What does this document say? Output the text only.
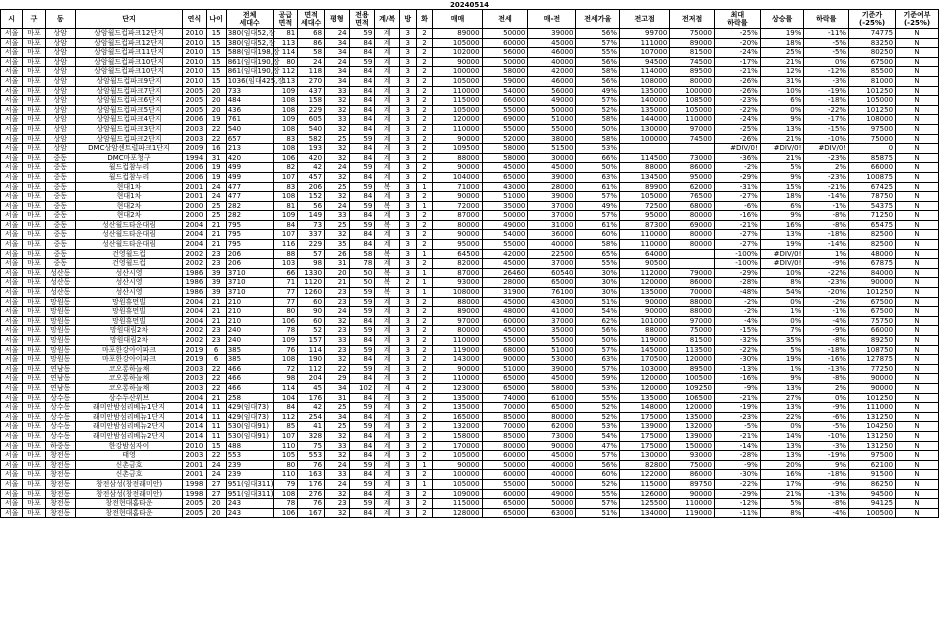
20240514																								
시	구	동	단지	연식	나이	전체
세대수	공급
면적	면적
세대수	평형	전용
면적	계/복	방	화	매매	전세	매-전	전세가율	전고점	전저점	최대
하락률	상승률	하락률	기준가
(-25%)	기준여부
(-25%)
서울	마포	상암	상암월드컵파크12단지	2010	15	380(임대52,장	81	68	24	59	계	3	2	89000	50000	39000	56%	99700	75000	-25%	19%	-11%	74775	N
서울	마포	상암	상암월드컵파크12단지	2010	15	380(임대52,장	113	86	34	84	계	3	2	105000	60000	45000	57%	111000	89000	-20%	18%	-5%	83250	N
서울	마포	상암	상암월드컵파크11단지	2010	15	588(임대198,장	114	58	34	84	계	3	2	102000	56000	46000	55%	107000	81500	-24%	25%	-5%	80250	N
서울	마포	상암	상암월드컵파크10단지	2010	15	861(임대190,장	80	24	24	59	계	3	2	90000	50000	40000	56%	94500	74500	-17%	21%	0%	67500	N
서울	마포	상암	상암월드컵파크10단지	2010	15	861(임대190,장	112	118	34	84	계	3	2	100000	58000	42000	58%	114000	89500	-21%	12%	-12%	85500	N
서울	마포	상암	상암월드컵파크9단지	2010	15	1036(임대425,장	113	270	34	84	계	3	2	105000	59000	46000	56%	108000	80000	-26%	31%	-3%	81000	N
서울	마포	상암	상암월드컵파크7단지	2005	20	733	109	437	33	84	계	3	2	110000	54000	56000	49%	135000	100000	-26%	10%	-19%	101250	N
서울	마포	상암	상암월드컵파크6단지	2005	20	484	108	158	32	84	계	3	2	115000	66000	49000	57%	140000	108500	-23%	6%	-18%	105000	N
서울	마포	상암	상암월드컵파크5단지	2005	20	436	108	229	32	84	계	3	2	105000	55000	50000	52%	135000	105000	-22%	0%	-22%	101250	N
서울	마포	상암	상암월드컵파크4단지	2006	19	761	109	605	33	84	계	3	2	120000	69000	51000	58%	144000	110000	-24%	9%	-17%	108000	N
서울	마포	상암	상암월드컵파크3단지	2003	22	540	108	540	32	84	계	3	2	110000	55000	55000	50%	130000	97000	-25%	13%	-15%	97500	N
서울	마포	상암	상암월드컵파크2단지	2003	22	657	83	582	25	59	계	3	2	90000	52000	38000	58%	100000	74500	-26%	21%	-10%	75000	N
서울	마포	상암	DMC상암센트럴파크1단지	2009	16	213	108	193	32	84	계	3	2	109500	58000	51500	53%			#DIV/0!	#DIV/0!	#DIV/0!	0	N
서울	마포	중동	DMC마포청구	1994	31	420	106	420	32	84	계	3	2	88000	58000	30000	66%	114500	73000	-36%	21%	-23%	85875	N
서울	마포	중동	월드컵참누리	2006	19	499	82	42	24	59	계	3	2	90000	45000	45000	50%	88000	86000	-2%	5%	2%	66000	N
서울	마포	중동	월드컵참누리	2006	19	499	107	457	32	84	계	3	2	104000	65000	39000	63%	134500	95000	-29%	9%	-23%	100875	N
서울	마포	중동	현대1차	2001	24	477	83	206	25	59	복	3	1	71000	43000	28000	61%	89900	62000	-31%	15%	-21%	67425	N
서울	마포	중동	현대1차	2001	24	477	108	152	32	84	계	3	2	90000	51000	39000	57%	105000	76500	-27%	18%	-14%	78750	N
서울	마포	중동	현대2차	2000	25	282	81	56	24	59	복	3	1	72000	35000	37000	49%	72500	68000	-6%	6%	-1%	54375	N
서울	마포	중동	현대2차	2000	25	282	109	149	33	84	계	3	2	87000	50000	37000	57%	95000	80000	-16%	9%	-8%	71250	N
서울	마포	중동	성산월드타운대림	2004	21	795	84	73	25	59	복	3	2	80000	49000	31000	61%	87300	69000	-21%	16%	-8%	65475	N
서울	마포	중동	성산월드타운대림	2004	21	795	107	337	32	84	계	3	2	90000	54000	36000	60%	110000	80000	-27%	13%	-18%	82500	N
서울	마포	중동	성산월드타운대림	2004	21	795	116	229	35	84	계	3	2	95000	55000	40000	58%	110000	80000	-27%	19%	-14%	82500	N
서울	마포	중동	건영월드컵	2002	23	206	88	57	26	58	복	3	1	64500	42000	22500	65%	64000		-100%	#DIV/0!	1%	48000	N
서울	마포	중동	건영월드컵	2002	23	206	103	98	31	78	계	3	2	82000	45000	37000	55%	90500		-100%	#DIV/0!	-9%	67875	N
서울	마포	성산동	성산시영	1986	39	3710	66	1330	20	50	복	3	1	87000	26460	60540	30%	112000	79000	-29%	10%	-22%	84000	N
서울	마포	성산동	성산시영	1986	39	3710	71	1120	21	50	복	2	1	93000	28000	65000	30%	120000	86000	-28%	8%	-23%	90000	N
서울	마포	성산동	성산시영	1986	39	3710	77	1260	23	59	복	3	1	108000	31900	76100	30%	135000	70000	-48%	54%	-20%	101250	N
서울	마포	망원동	망원휴먼빌	2004	21	210	77	60	23	59	계	3	2	88000	45000	43000	51%	90000	88000	-2%	0%	-2%	67500	N
서울	마포	망원동	망원휴먼빌	2004	21	210	80	90	24	59	계	3	2	89000	48000	41000	54%	90000	88000	-2%	1%	-1%	67500	N
서울	마포	망원동	망원휴먼빌	2004	21	210	106	60	32	84	계	3	2	97000	60000	37000	62%	101000	97000	-4%	0%	-4%	75750	N
서울	마포	망원동	망원대림2차	2002	23	240	78	52	23	59	계	3	2	80000	45000	35000	56%	88000	75000	-15%	7%	-9%	66000	N
서울	마포	망원동	망원대림2차	2002	23	240	109	157	33	84	계	3	2	110000	55000	55000	50%	119000	81500	-32%	35%	-8%	89250	N
서울	마포	망원동	마포한강아이파크	2019	6	385	76	114	23	59	계	3	2	119000	68000	51000	57%	145000	113500	-22%	5%	-18%	108750	N
서울	마포	망원동	마포한강아이파크	2019	6	385	108	190	32	84	계	3	2	143000	90000	53000	63%	170500	120000	-30%	19%	-16%	127875	N
서울	마포	연남동	코오롱하늘채	2003	22	466	72	112	22	59	계	3	2	90000	51000	39000	57%	103000	89500	-13%	1%	-13%	77250	N
서울	마포	연남동	코오롱하늘채	2003	22	466	98	204	29	84	계	3	2	110000	65000	45000	59%	120000	100500	-16%	9%	-8%	90000	N
서울	마포	연남동	코오롱하늘채	2003	22	466	114	45	34	102	계	4	2	123000	65000	58000	53%	120000	109250	-9%	13%	2%	90000	N
서울	마포	상수동	상수두산위브	2004	21	258	104	176	31	84	계	3	2	135000	74000	61000	55%	135000	106500	-21%	27%	0%	101250	N
서울	마포	상수동	래미안밤섬리베뉴1단지	2014	11	429(임대73)	84	42	25	59	계	3	2	135000	70000	65000	52%	148000	120000	-19%	13%	-9%	111000	N
서울	마포	상수동	래미안밤섬리베뉴1단지	2014	11	429(임대73)	112	254	34	84	계	3	2	165000	85000	80000	52%	175000	135000	-23%	22%	-6%	131250	N
서울	마포	상수동	래미안밤섬리베뉴2단지	2014	11	530(임대91)	85	41	25	59	계	3	2	132000	70000	62000	53%	139000	132000	-5%	0%	-5%	104250	N
서울	마포	상수동	래미안밤섬리베뉴2단지	2014	11	530(임대91)	107	328	32	84	계	3	2	158000	85000	73000	54%	175000	139000	-21%	14%	-10%	131250	N
서울	마포	하중동	한강밤섬자이	2010	15	488	110	75	33	84	계	3	2	170000	80000	90000	47%	175000	150000	-14%	13%	-3%	131250	N
서울	마포	창전동	태영	2003	22	553	105	553	32	84	계	3	2	105000	60000	45000	57%	130000	93000	-28%	13%	-19%	97500	N
서울	마포	창전동	신촌금호	2001	24	239	80	76	24	59	계	3	1	90000	50000	40000	56%	82800	75000	-9%	20%	9%	62100	N
서울	마포	창전동	신촌금호	2001	24	239	110	163	33	84	계	3	2	100000	60000	40000	60%	122000	86000	-30%	16%	-18%	91500	N
서울	마포	창전동	창전삼성(창전래미안)	1998	27	951(임대311)	79	176	24	59	계	3	1	105000	55000	50000	52%	115000	89750	-22%	17%	-9%	86250	N
서울	마포	창전동	창전삼성(창전래미안)	1998	27	951(임대311)	108	276	32	84	계	3	2	109000	60000	49000	55%	126000	90000	-29%	21%	-13%	94500	N
서울	마포	창전동	창전현대홈타운	2005	20	243	78	76	23	59	계	3	2	115000	65000	50000	57%	125500	110000	-12%	5%	-8%	94125	N
서울	마포	창전동	창전현대홈타운	2005	20	243	106	167	32	84	계	3	2	128000	65000	63000	51%	134000	119000	-11%	8%	-4%	100500	N
